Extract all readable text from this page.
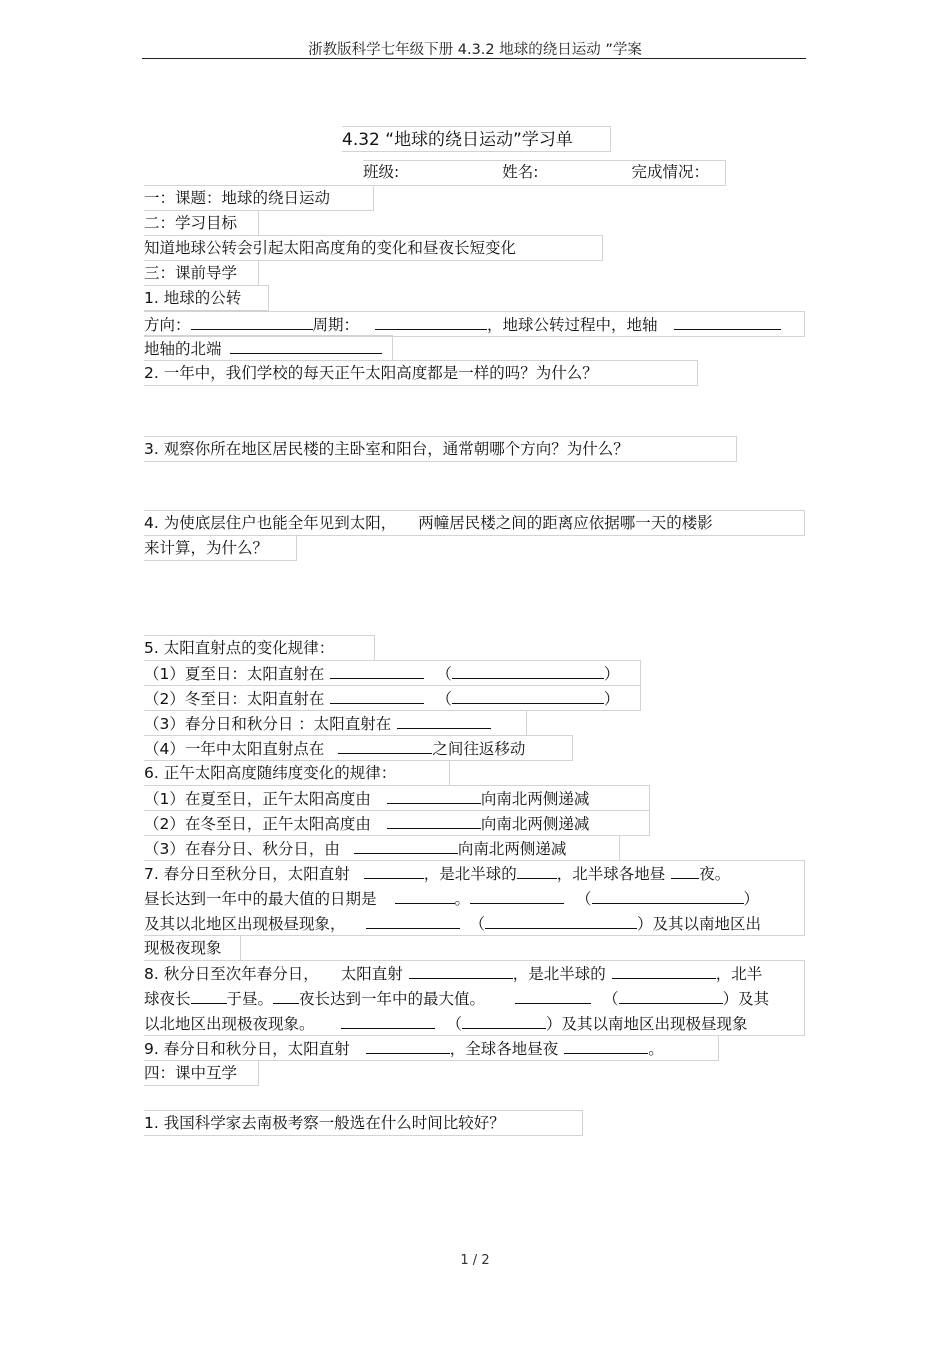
浙教版科学七年级下册 4.3.2 地球的绕日运动 ”学案
4.32 “地球的绕日运动”学习单
班级:	姓名:	完成情况：
一：课题：地球的绕日运动
二：学习目标
知道地球公转会引起太阳高度角的变化和昼夜长短变化
三：课前导学
1. 地球的公转
方向：	周期：	，地球公转过程中，地轴
地轴的北端
2. 一年中，我们学校的每天正午太阳高度都是一样的吗？为什么？
3. 观察你所在地区居民楼的主卧室和阳台，通常朝哪个方向？为什么？
4. 为使底层住户也能全年见到太阳， 两幢居民楼之间的距离应依据哪一天的楼影
来计算，为什么？
5. 太阳直射点的变化规律：
（1）夏至日：太阳直射在	（	）
（2）冬至日：太阳直射在	（	）
（3）春分日和秋分日 ：太阳直射在
（4）一年中太阳直射点在	之间往返移动
6. 正午太阳高度随纬度变化的规律：
（1）在夏至日，正午太阳高度由	向南北两侧递减
（2）在冬至日，正午太阳高度由	向南北两侧递减
（3）在春分日、秋分日，由	向南北两侧递减
7. 春分日至秋分日，太阳直射	，是北半球的	，北半球各地昼 夜。
昼长达到一年中的最大值的日期是	。	（	）
及其以北地区出现极昼现象，	（	）及其以南地区出
现极夜现象
8. 秋分日至次年春分日， 太阳直射	，是北半球的	，北半
球夜长 于昼。 夜长达到一年中的最大值。	（	）及其
以北地区出现极夜现象。	（	）及其以南地区出现极昼现象
9. 春分日和秋分日，太阳直射	，全球各地昼夜	。
四：课中互学
1. 我国科学家去南极考察一般选在什么时间比较好？
1 / 2
